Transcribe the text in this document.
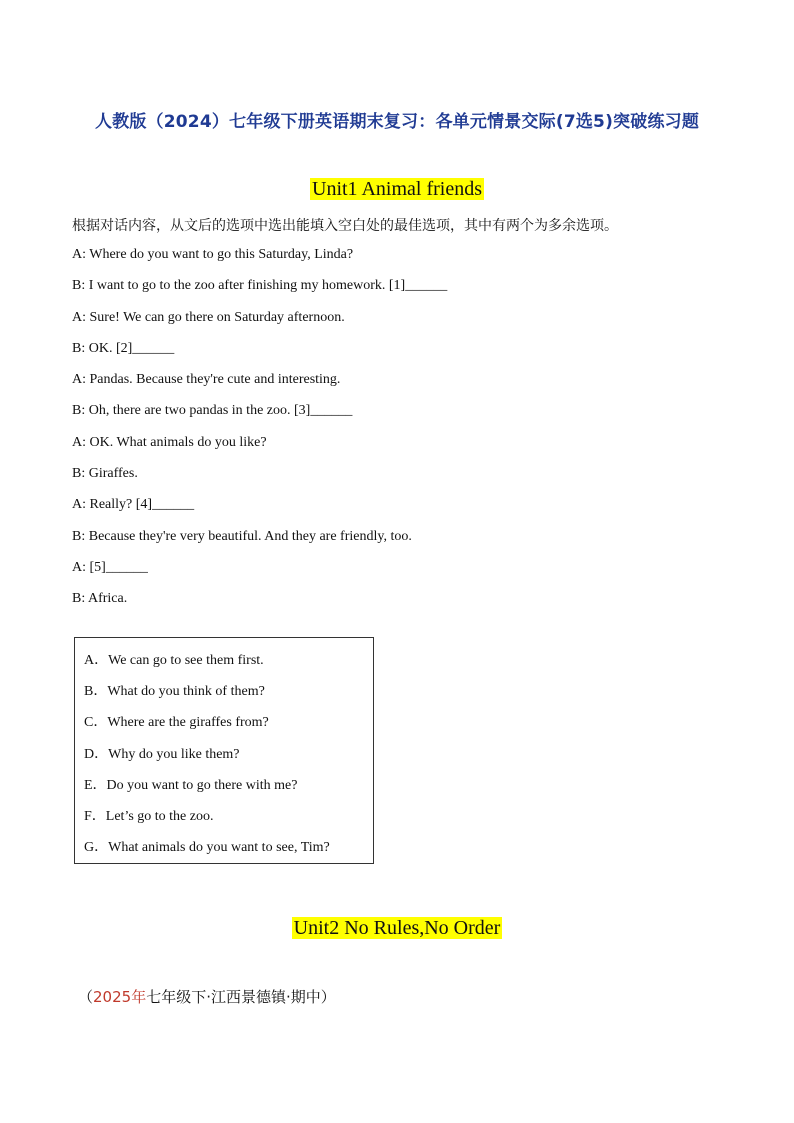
人教版（2024）七年级下册英语期末复习：各单元情景交际(7选5)突破练习题
Unit1 Animal friends
根据对话内容，从文后的选项中选出能填入空白处的最佳选项，其中有两个为多余选项。
A: Where do you want to go this Saturday, Linda?
B: I want to go to the zoo after finishing my homework. [1]______
A: Sure! We can go there on Saturday afternoon.
B: OK. [2]______
A: Pandas. Because they're cute and interesting.
B: Oh, there are two pandas in the zoo. [3]______
A: OK. What animals do you like?
B: Giraffes.
A: Really? [4]______
B: Because they're very beautiful. And they are friendly, too.
A: [5]______
B: Africa.
A．We can go to see them first.
B．What do you think of them?
C．Where are the giraffes from?
D．Why do you like them?
E．Do you want to go there with me?
F．Let’s go to the zoo.
G．What animals do you want to see, Tim?
Unit2 No Rules,No Order
（2025年七年级下·江西景德镇·期中）
